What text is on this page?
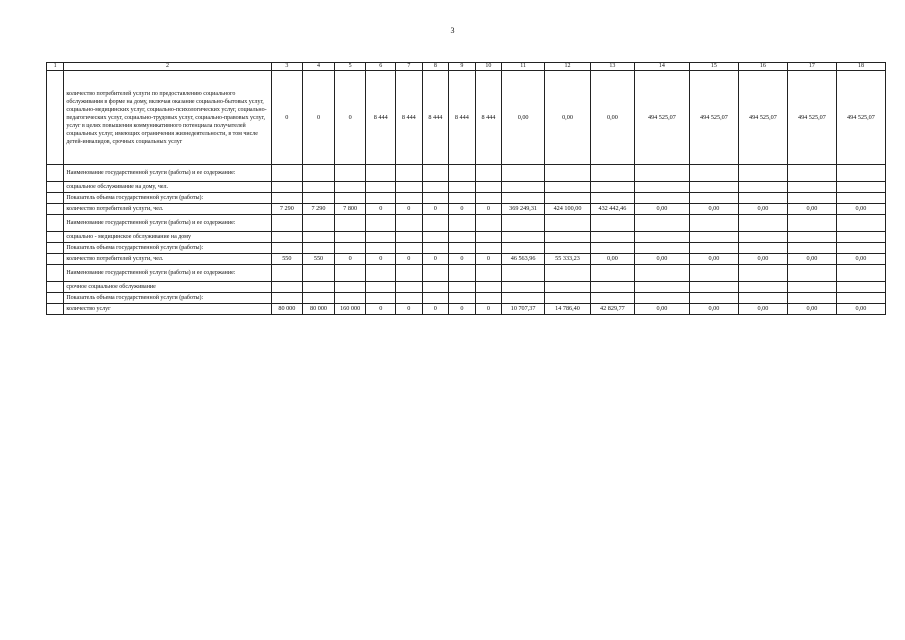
3
1	2	3	4	5	6	7	8	9	10	11	12	13	14	15	16	17	18
	количество потребителей услуги по предоставлению социального обслуживания в форме на дому, включая оказание социально-бытовых услуг, социально-медицинских услуг, социально-психологических услуг, социально-педагогических услуг, социально-трудовых услуг, социально-правовых услуг, услуг в целях повышения коммуникативного потенциала получателей социальных услуг, имеющих ограничения жизнедеятельности, в том числе детей-инвалидов, срочных социальных услуг	0	0	0	8 444	8 444	8 444	8 444	8 444	0,00	0,00	0,00	494 525,07	494 525,07	494 525,07	494 525,07	494 525,07
	Наименование государственной услуги (работы) и ее содержание:																
	социальное обслуживание на дому, чел.																
	Показатель объема государственной услуги (работы):																
	количество потребителей услуги, чел.	7 290	7 290	7 800	0	0	0	0	0	369 249,31	424 100,00	432 442,46	0,00	0,00	0,00	0,00	0,00
	Наименование государственной услуги (работы) и ее содержание:																
	социально - медицинское обслуживание на дому																
	Показатель объема государственной услуги (работы):																
	количество потребителей услуги, чел.	550	550	0	0	0	0	0	0	46 563,96	55 333,23	0,00	0,00	0,00	0,00	0,00	0,00
	Наименование государственной услуги (работы) и ее содержание:																
	срочное социальное обслуживание																
	Показатель объема государственной услуги (работы):																
	количество услуг	80 000	80 000	160 000	0	0	0	0	0	10 707,37	14 786,40	42 829,77	0,00	0,00	0,00	0,00	0,00
